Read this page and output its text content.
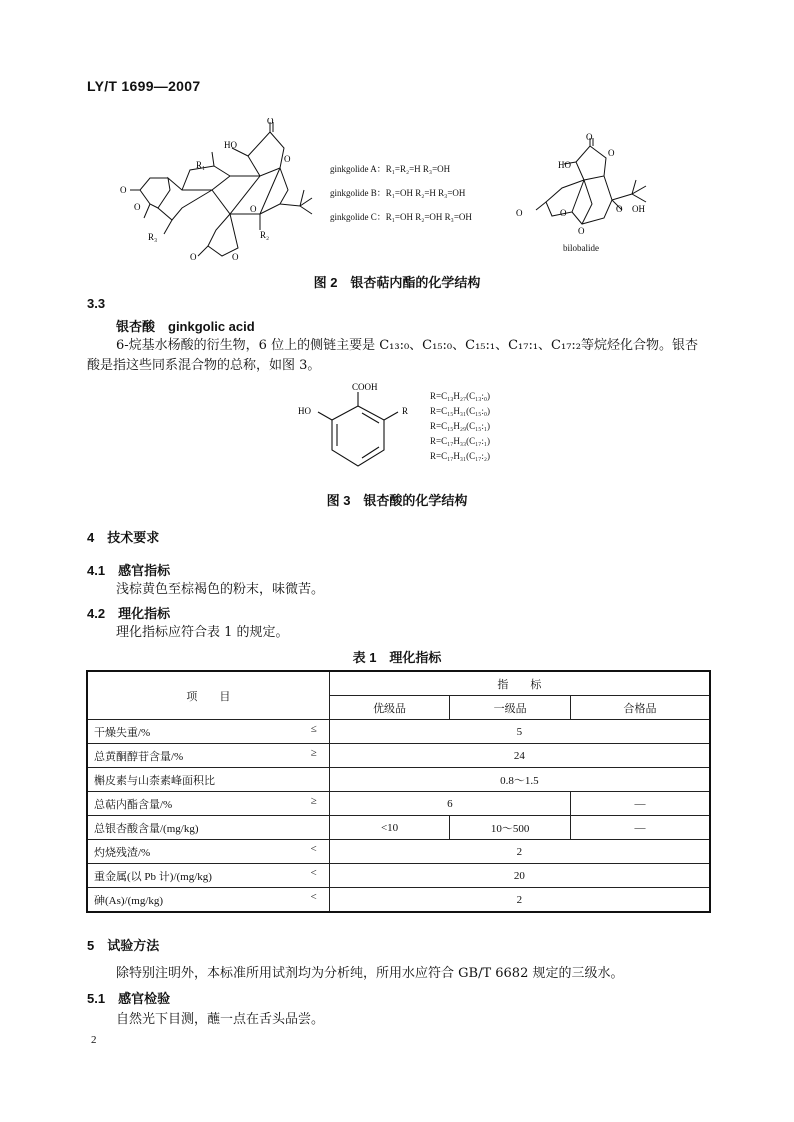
LY/T 1699—2007
HO
O
O
R₁
O
O
R₃	R₂
O
O	O
ginkgolide A：R₁=R₂=H R₃=OH
ginkgolide B：R₁=OH R₂=H R₃=OH
ginkgolide C：R₁=OH R₂=OH R₃=OH
HO
O
O
O	O
O
O OH
bilobalide
图 2　银杏萜内酯的化学结构
3.3
银杏酸　ginkgolic acid
6-烷基水杨酸的衍生物，6 位上的侧链主要是 C₁₃:₀、C₁₅:₀、C₁₅:₁、C₁₇:₁、C₁₇:₂等烷烃化合物。银杏
酸是指这些同系混合物的总称，如图 3。
COOH
HO	R
R=C₁₃H₂₇(C₁₃:₀)
R=C₁₅H₃₁(C₁₅:₀)
R=C₁₅H₂₉(C₁₅:₁)
R=C₁₇H₃₃(C₁₇:₁)
R=C₁₇H₃₁(C₁₇:₂)
图 3　银杏酸的化学结构
4　技术要求
4.1　感官指标
浅棕黄色至棕褐色的粉末，味微苦。
4.2　理化指标
理化指标应符合表 1 的规定。
表 1　理化指标
项　　目	指　　标		
	优级品	一级品	合格品
干燥失重/% ≤	5		
总黄酮醇苷含量/% ≥	24		
槲皮素与山柰素峰面积比	0.8～1.5		
总萜内酯含量/% ≥	6		—
总银杏酸含量/(mg/kg)	<10	10～500	—
灼烧残渣/% <	2		
重金属(以 Pb 计)/(mg/kg) <	20		
砷(As)/(mg/kg) <	2		
5　试验方法
除特别注明外，本标准所用试剂均为分析纯，所用水应符合 GB/T 6682 规定的三级水。
5.1　感官检验
自然光下目测，蘸一点在舌头品尝。
2
